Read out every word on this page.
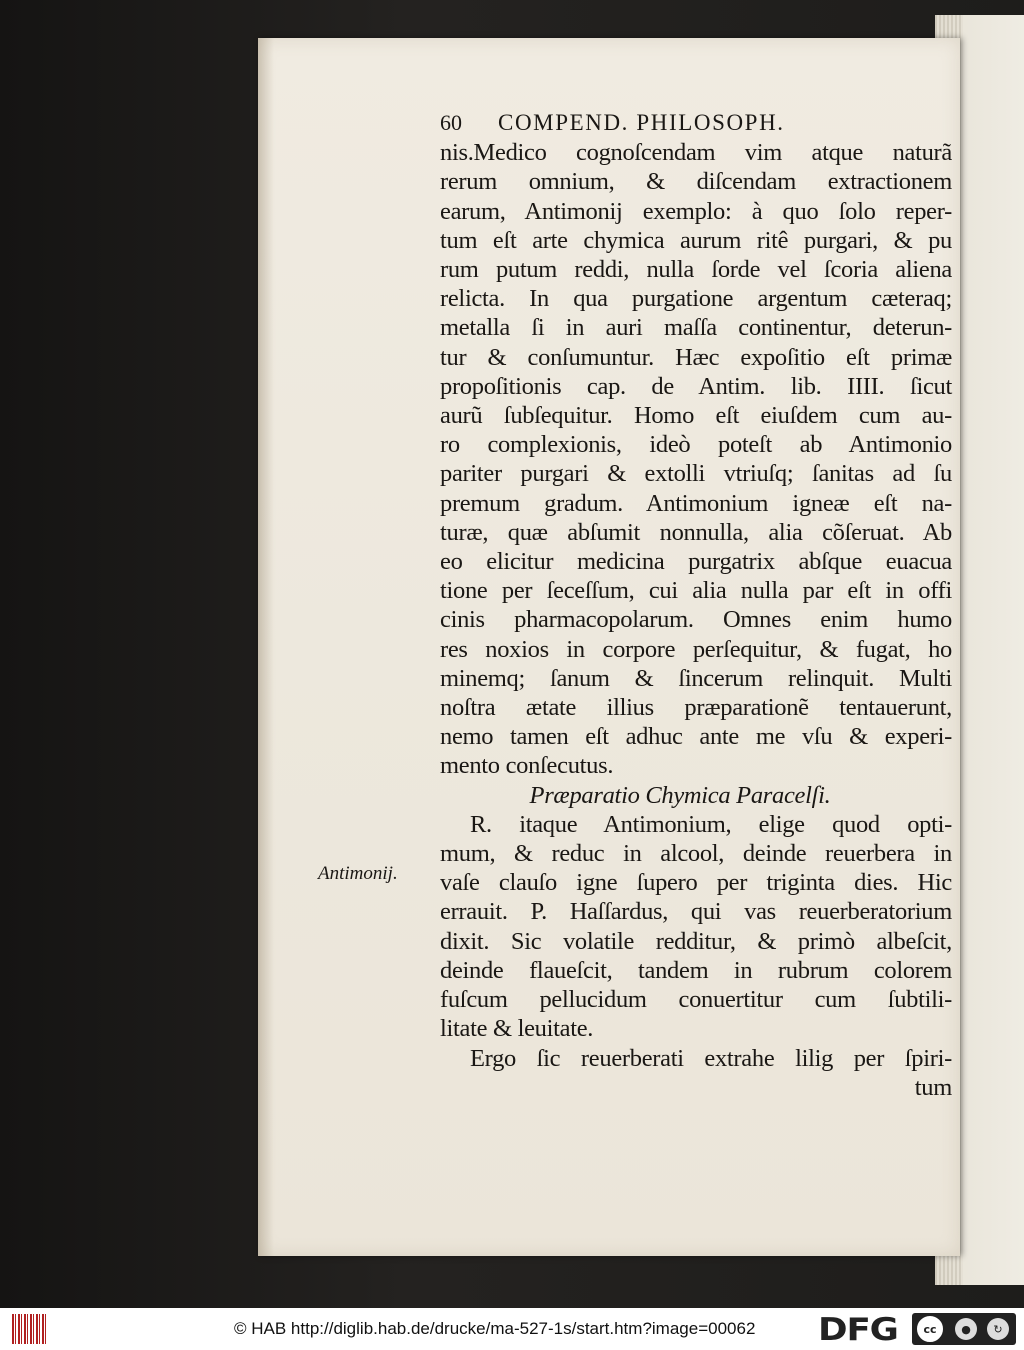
60	COMPEND. PHILOSOPH.
nis.Medico cognoſcendam vim atque naturã
rerum omnium, & diſcendam extractionem
earum, Antimonij exemplo: à quo ſolo reper-
tum eſt arte chymica aurum ritê purgari, & pu
rum putum reddi, nulla ſorde vel ſcoria aliena
relicta. In qua purgatione argentum cæteraq;
metalla ſi in auri maſſa continentur, deterun-
tur & conſumuntur. Hæc expoſitio eſt primæ
propoſitionis cap. de Antim. lib. IIII. ſicut
aurũ ſubſequitur. Homo eſt eiuſdem cum au-
ro complexionis, ideò poteſt ab Antimonio
pariter purgari & extolli vtriuſq; ſanitas ad ſu
premum gradum. Antimonium igneæ eſt na-
turæ, quæ abſumit nonnulla, alia cõſeruat. Ab
eo elicitur medicina purgatrix abſque euacua
tione per ſeceſſum, cui alia nulla par eſt in offi
cinis pharmacopolarum. Omnes enim humo
res noxios in corpore perſequitur, & fugat, ho
minemq; ſanum & ſincerum relinquit. Multi
noſtra ætate illius præparationẽ tentauerunt,
nemo tamen eſt adhuc ante me vſu & experi-
mento conſecutus.
Præparatio Chymica Paracelſi.
R. itaque Antimonium, elige quod opti-
mum, & reduc in alcool, deinde reuerbera in
vaſe clauſo igne ſupero per triginta dies. Hic
errauit. P. Haſſardus, qui vas reuerberatorium
dixit. Sic volatile redditur, & primò albeſcit,
deinde flaueſcit, tandem in rubrum colorem
fuſcum pellucidum conuertitur cum ſubtili-
litate & leuitate.
Ergo ſic reuerberati extrahe lilig per ſpiri-
tum
Antimonij.
© HAB http://diglib.hab.de/drucke/ma-527-1s/start.htm?image=00062 DFG	cc	●	↻
